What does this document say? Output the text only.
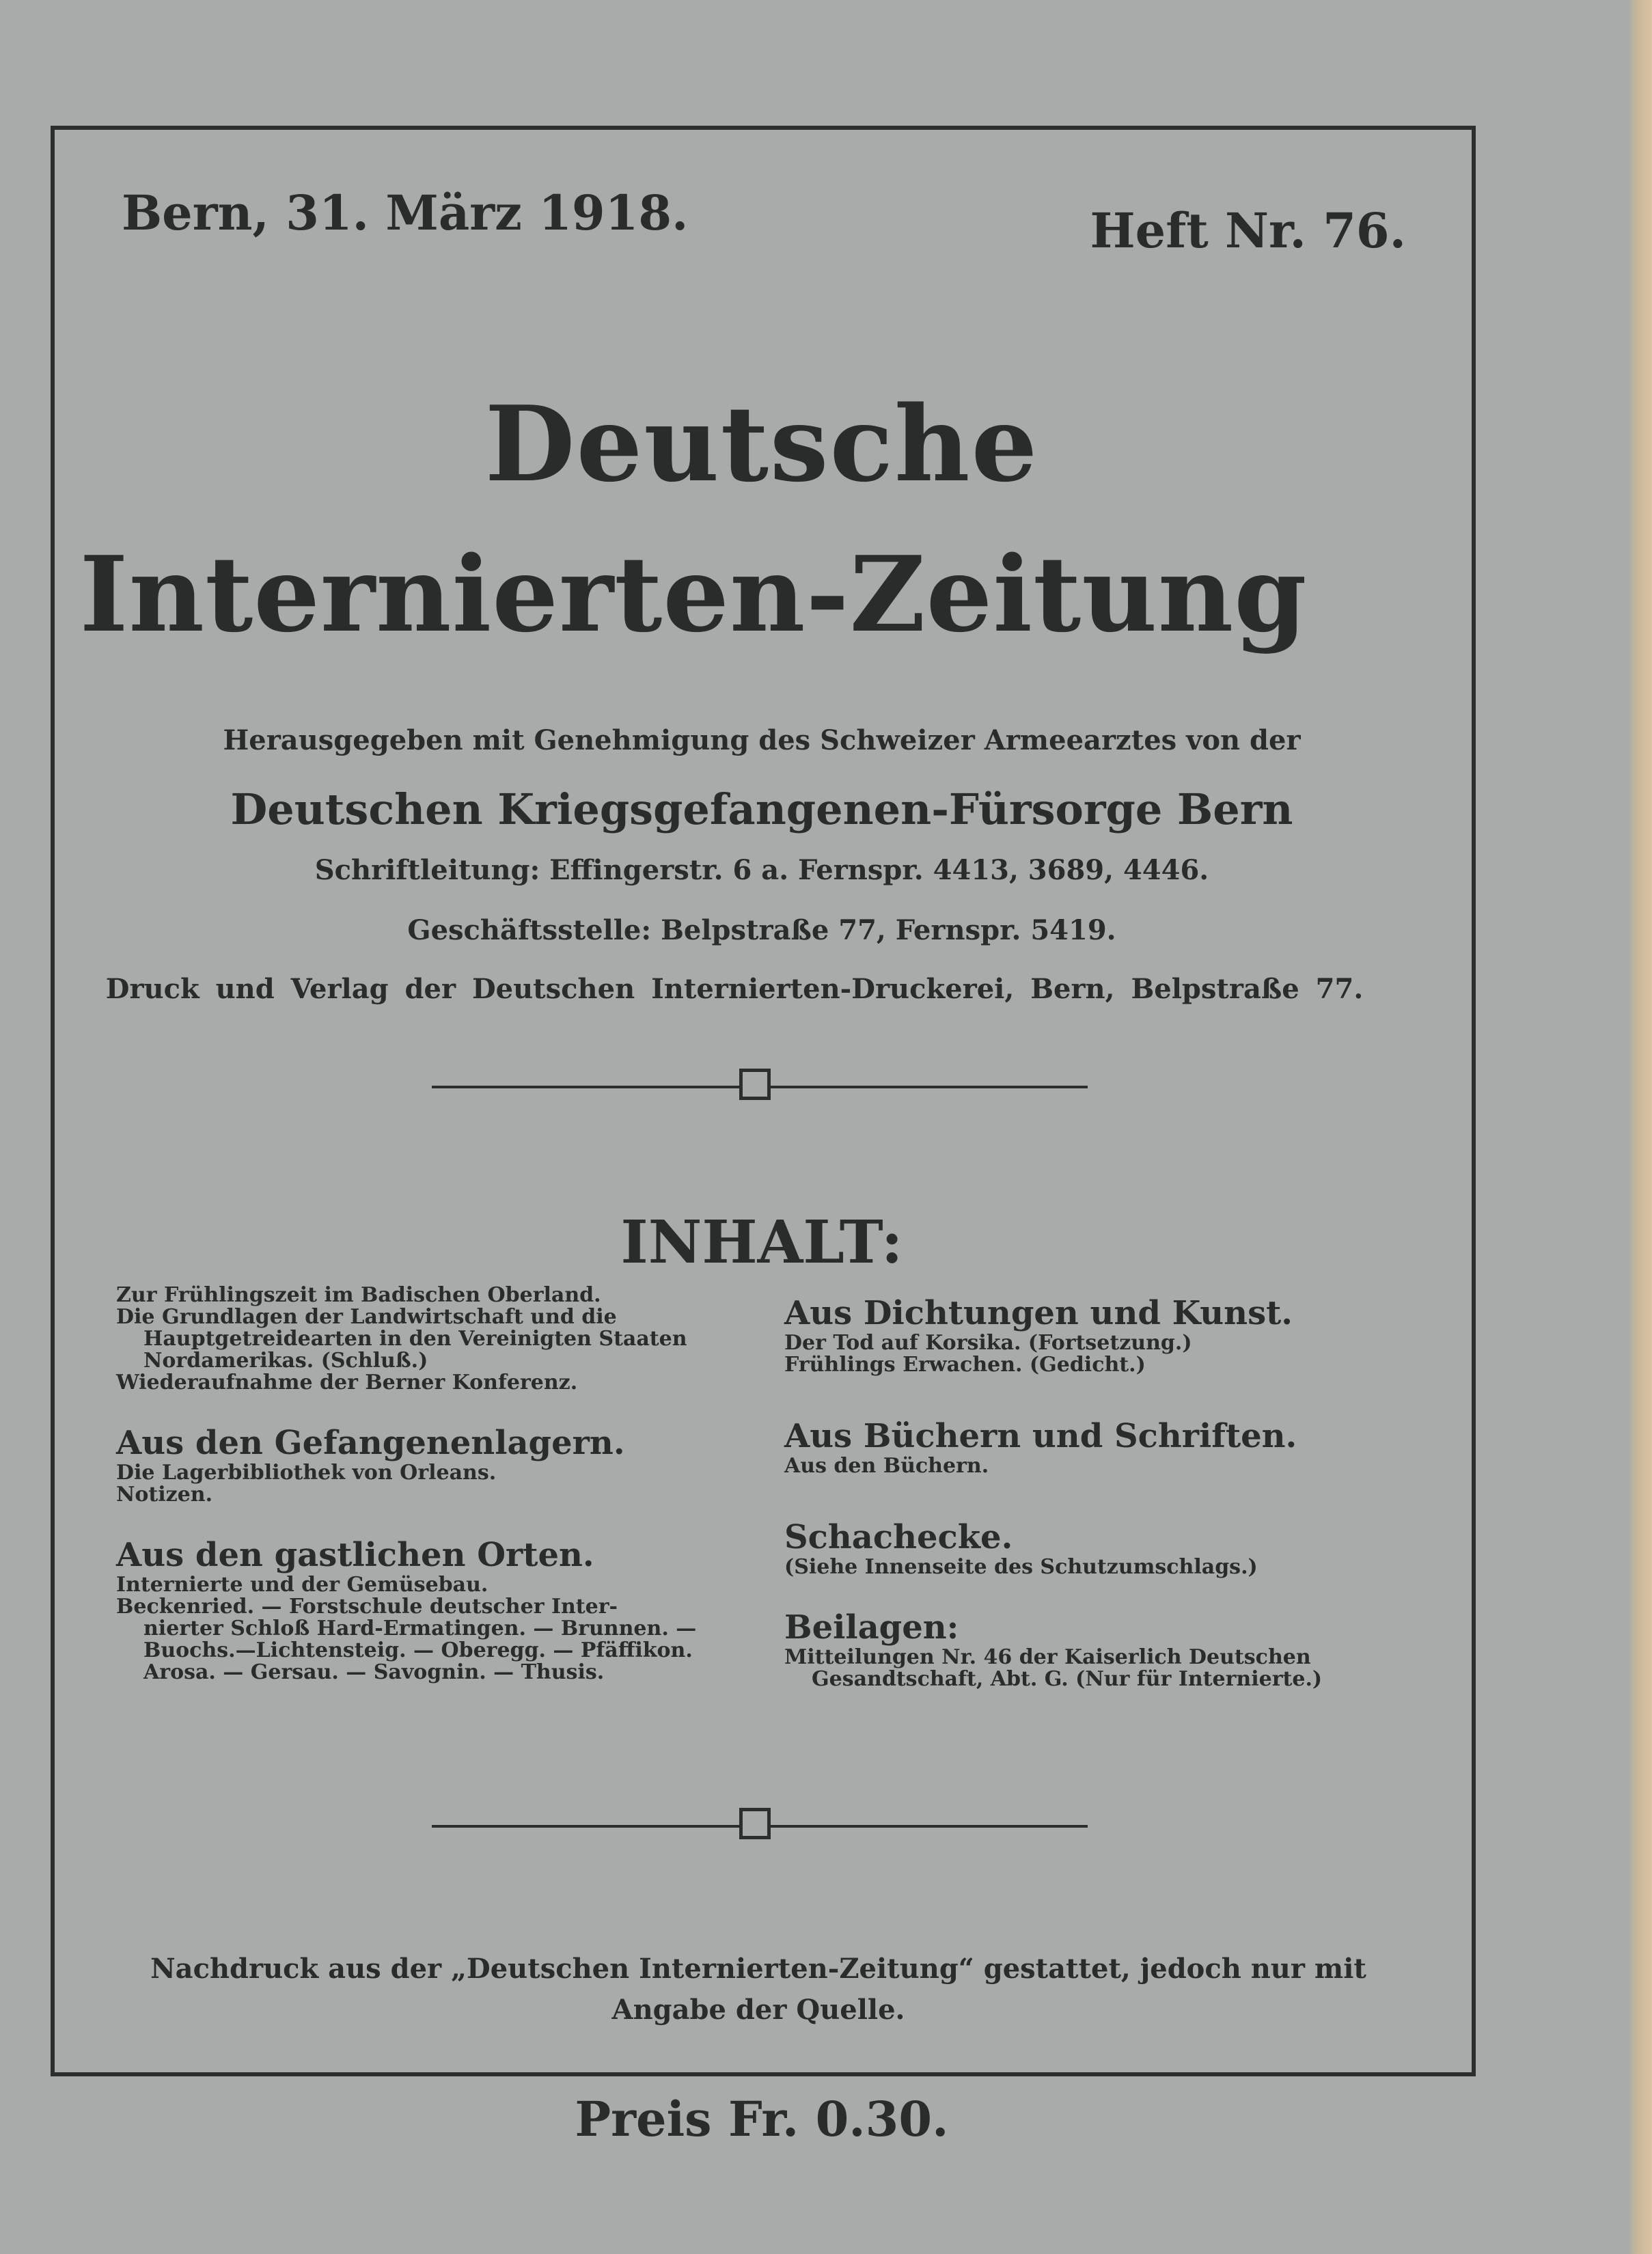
Bern, 31. März 1918.	Heft Nr. 76.
Deutsche
Internierten-Zeitung
Herausgegeben mit Genehmigung des Schweizer Armeearztes von der
Deutschen Kriegsgefangenen-Fürsorge Bern
Schriftleitung: Effingerstr. 6 a. Fernspr. 4413, 3689, 4446.
Geschäftsstelle: Belpstraße 77, Fernspr. 5419.
Druck und Verlag der Deutschen Internierten-Druckerei, Bern, Belpstraße 77.
INHALT:

Zur Frühlingszeit im Badischen Oberland.

Die Grundlagen der Landwirtschaft und die

Hauptgetreidearten in den Vereinigten Staaten

Nordamerikas. (Schluß.)

Wiederaufnahme der Berner Konferenz.

Aus den Gefangenenlagern.

Die Lagerbibliothek von Orleans.

Notizen.

Aus den gastlichen Orten.

Internierte und der Gemüsebau.

Beckenried. — Forstschule deutscher Inter-

nierter Schloß Hard-Ermatingen. — Brunnen. —

Buochs.—Lichtensteig. — Oberegg. — Pfäffikon.

Arosa. — Gersau. — Savognin. — Thusis.

Aus Dichtungen und Kunst.

Der Tod auf Korsika. (Fortsetzung.)

Frühlings Erwachen. (Gedicht.)

Aus Büchern und Schriften.

Aus den Büchern.

Schachecke.

(Siehe Innenseite des Schutzumschlags.)

Beilagen:

Mitteilungen Nr. 46 der Kaiserlich Deutschen

Gesandtschaft, Abt. G. (Nur für Internierte.)

Nachdruck aus der „Deutschen Internierten-Zeitung“ gestattet, jedoch nur mit
Angabe der Quelle.
Preis Fr. 0.30.
